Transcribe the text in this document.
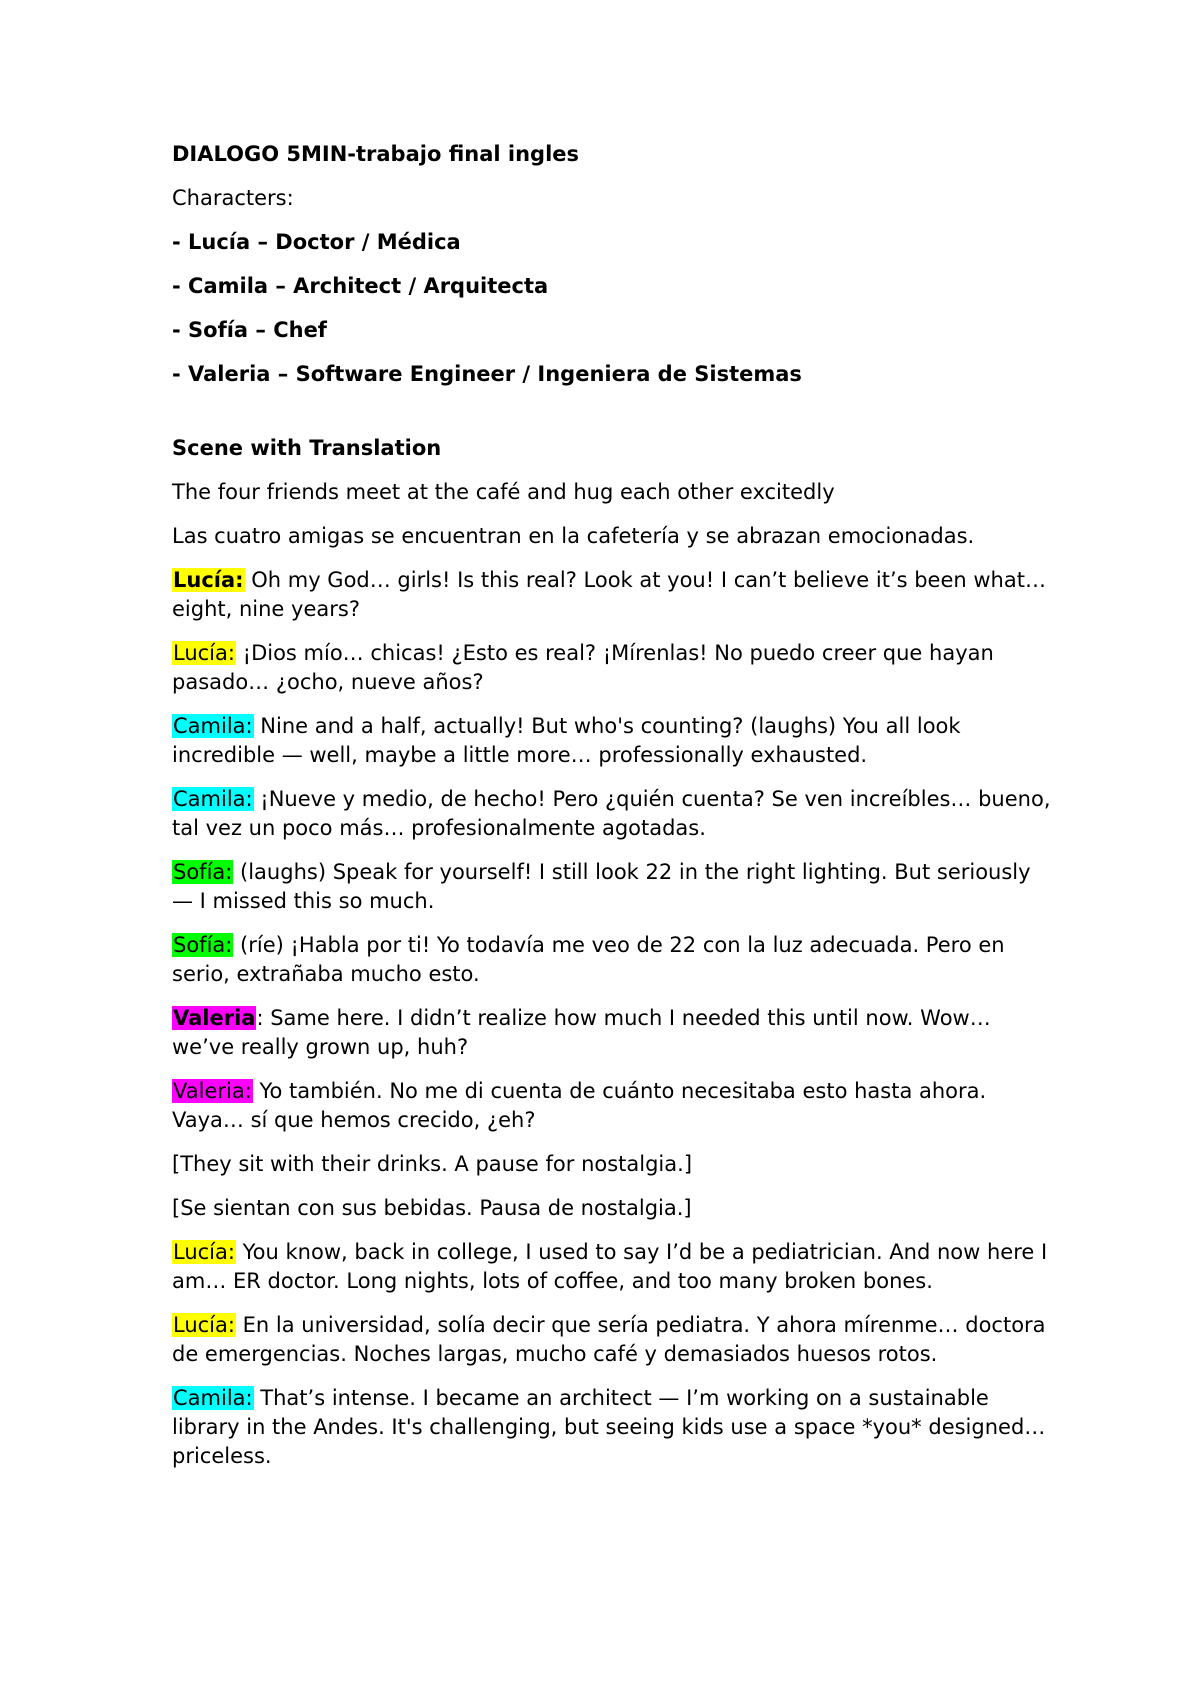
DIALOGO 5MIN-trabajo final ingles
Characters:
- Lucía – Doctor / Médica
- Camila – Architect / Arquitecta
- Sofía – Chef
- Valeria – Software Engineer / Ingeniera de Sistemas
Scene with Translation
The four friends meet at the café and hug each other excitedly
Las cuatro amigas se encuentran en la cafetería y se abrazan emocionadas.
Lucía: Oh my God… girls! Is this real? Look at you! I can’t believe it’s been what… eight, nine years?
Lucía: ¡Dios mío… chicas! ¿Esto es real? ¡Mírenlas! No puedo creer que hayan pasado… ¿ocho, nueve años?
Camila: Nine and a half, actually! But who's counting? (laughs) You all look incredible — well, maybe a little more… professionally exhausted.
Camila: ¡Nueve y medio, de hecho! Pero ¿quién cuenta? Se ven increíbles… bueno, tal vez un poco más… profesionalmente agotadas.
Sofía: (laughs) Speak for yourself! I still look 22 in the right lighting. But seriously — I missed this so much.
Sofía: (ríe) ¡Habla por ti! Yo todavía me veo de 22 con la luz adecuada. Pero en serio, extrañaba mucho esto.
Valeria: Same here. I didn’t realize how much I needed this until now. Wow… we’ve really grown up, huh?
Valeria: Yo también. No me di cuenta de cuánto necesitaba esto hasta ahora. Vaya… sí que hemos crecido, ¿eh?
[They sit with their drinks. A pause for nostalgia.]
[Se sientan con sus bebidas. Pausa de nostalgia.]
Lucía: You know, back in college, I used to say I’d be a pediatrician. And now here I am… ER doctor. Long nights, lots of coffee, and too many broken bones.
Lucía: En la universidad, solía decir que sería pediatra. Y ahora mírenme… doctora de emergencias. Noches largas, mucho café y demasiados huesos rotos.
Camila: That’s intense. I became an architect — I’m working on a sustainable library in the Andes. It's challenging, but seeing kids use a space *you* designed… priceless.
